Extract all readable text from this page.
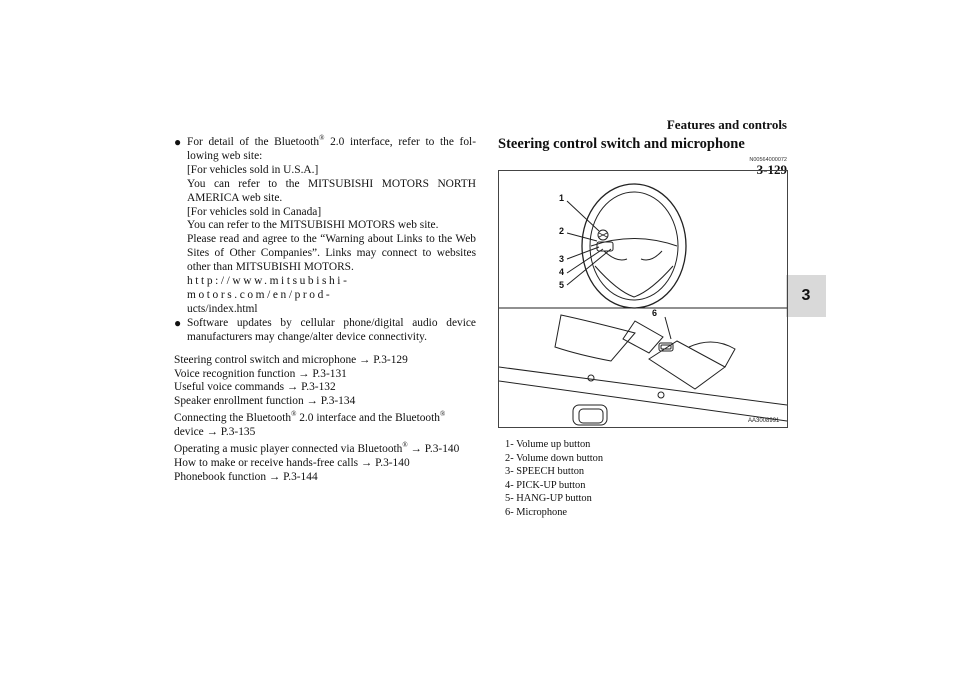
Features and controls
3-129
3
● For detail of the Bluetooth® 2.0 interface, refer to the fol-lowing web site:

[For vehicles sold in U.S.A.]

You can refer to the MITSUBISHI MOTORS NORTH AMERICA web site.

[For vehicles sold in Canada]

You can refer to the MITSUBISHI MOTORS web site.

Please read and agree to the “Warning about Links to the Web Sites of Other Companies”. Links may connect to websites other than MITSUBISHI MOTORS.

http://www.mitsubishi-motors.com/en/prod-

ucts/index.html

● Software updates by cellular phone/digital audio device manufacturers may change/alter device connectivity.

Steering control switch and microphone → P.3-129
Voice recognition function → P.3-131
Useful voice commands → P.3-132
Speaker enrollment function → P.3-134
Connecting the Bluetooth® 2.0 interface and the Bluetooth®
device → P.3-135
Operating a music player connected via Bluetooth® → P.3-140
How to make or receive hands-free calls → P.3-140
Phonebook function → P.3-144
Steering control switch and microphone
N00564000072
1
2
3
4
5
6
AA3008991
1- Volume up button
2- Volume down button
3- SPEECH button
4- PICK-UP button
5- HANG-UP button
6- Microphone
